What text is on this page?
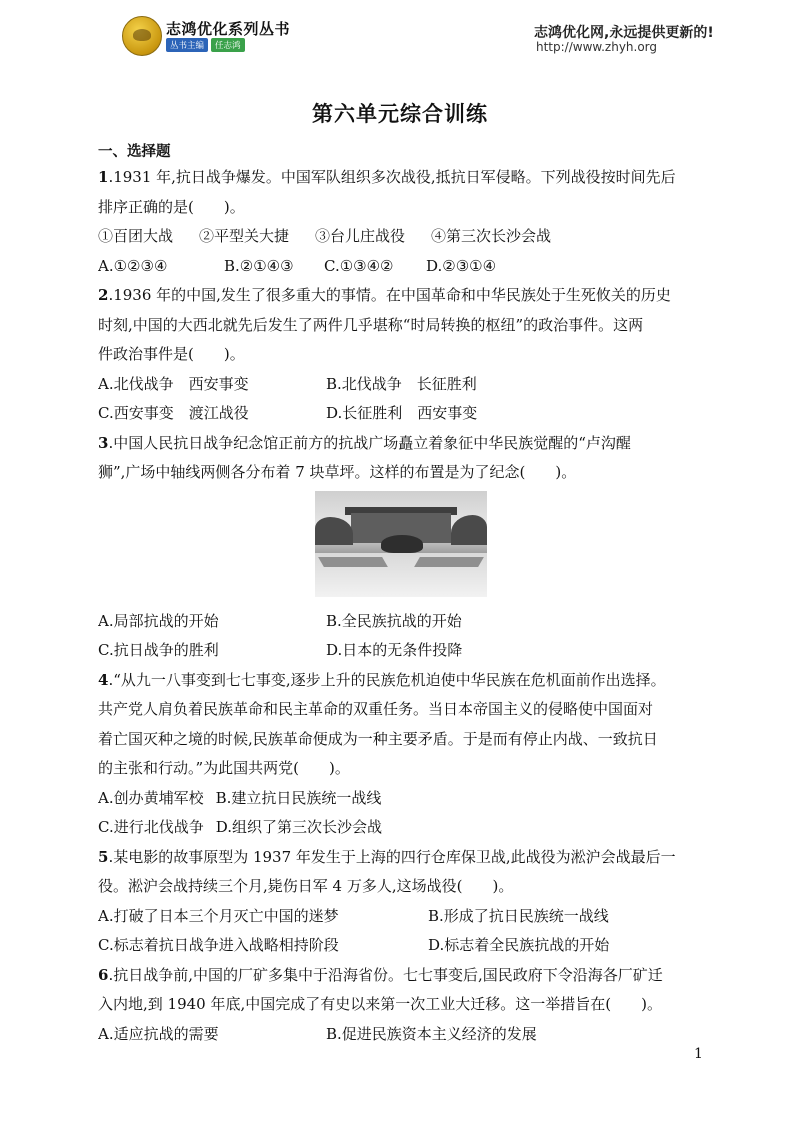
志鸿优化系列丛书
丛书主编	任志鸿
志鸿优化网,永远提供更新的!
http://www.zhyh.org
第六单元综合训练
一、选择题
1.1931 年,抗日战争爆发。中国军队组织多次战役,抵抗日军侵略。下列战役按时间先后
排序正确的是(　　)。
①百团大战 ②平型关大捷 ③台儿庄战役 ④第三次长沙会战
A.①②③④	B.②①④③ C.①③④② D.②③①④
2.1936 年的中国,发生了很多重大的事情。在中国革命和中华民族处于生死攸关的历史
时刻,中国的大西北就先后发生了两件几乎堪称“时局转换的枢纽”的政治事件。这两
件政治事件是(　　)。
A.北伐战争　西安事变	B.北伐战争　长征胜利
C.西安事变　渡江战役	D.长征胜利　西安事变
3.中国人民抗日战争纪念馆正前方的抗战广场矗立着象征中华民族觉醒的“卢沟醒
狮”,广场中轴线两侧各分布着 7 块草坪。这样的布置是为了纪念(　　)。
A.局部抗战的开始	B.全民族抗战的开始
C.抗日战争的胜利	D.日本的无条件投降
4.“从九一八事变到七七事变,逐步上升的民族危机迫使中华民族在危机面前作出选择。
共产党人肩负着民族革命和民主革命的双重任务。当日本帝国主义的侵略使中国面对
着亡国灭种之境的时候,民族革命便成为一种主要矛盾。于是而有停止内战、一致抗日
的主张和行动。”为此国共两党(　　)。
A.创办黄埔军校 B.建立抗日民族统一战线
C.进行北伐战争 D.组织了第三次长沙会战
5.某电影的故事原型为 1937 年发生于上海的四行仓库保卫战,此战役为淞沪会战最后一
役。淞沪会战持续三个月,毙伤日军 4 万多人,这场战役(　　)。
A.打破了日本三个月灭亡中国的迷梦	B.形成了抗日民族统一战线
C.标志着抗日战争进入战略相持阶段	D.标志着全民族抗战的开始
6.抗日战争前,中国的厂矿多集中于沿海省份。七七事变后,国民政府下令沿海各厂矿迁
入内地,到 1940 年底,中国完成了有史以来第一次工业大迁移。这一举措旨在(　　)。
A.适应抗战的需要	B.促进民族资本主义经济的发展
1
